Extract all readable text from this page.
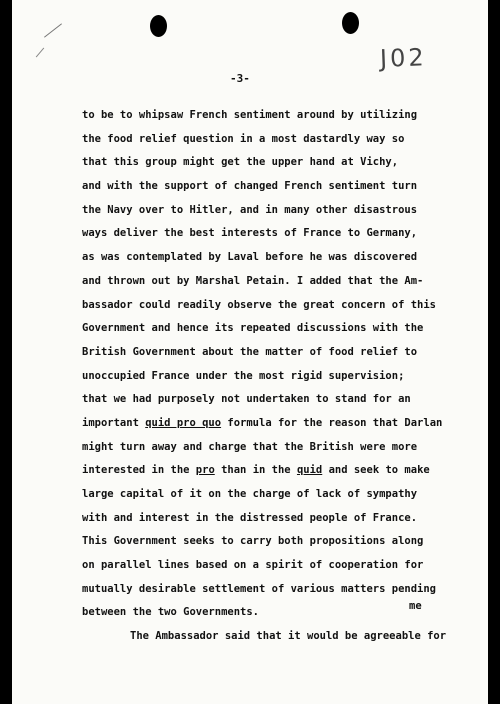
J02
-3-
to be to whipsaw French sentiment around by utilizing
the food relief question in a most dastardly way so
that this group might get the upper hand at Vichy,
and with the support of changed French sentiment turn
the Navy over to Hitler, and in many other disastrous
ways deliver the best interests of France to Germany,
as was contemplated by Laval before he was discovered
and thrown out by Marshal Petain. I added that the Am-
bassador could readily observe the great concern of this
Government and hence its repeated discussions with the
British Government about the matter of food relief to
unoccupied France under the most rigid supervision;
that we had purposely not undertaken to stand for an
important quid pro quo formula for the reason that Darlan
might turn away and charge that the British were more
interested in the pro than in the quid and seek to make
large capital of it on the charge of lack of sympathy
with and interest in the distressed people of France.
This Government seeks to carry both propositions along
on parallel lines based on a spirit of cooperation for
mutually desirable settlement of various matters pending
between the two Governments.
The Ambassador said that it would be agreeable for
me
